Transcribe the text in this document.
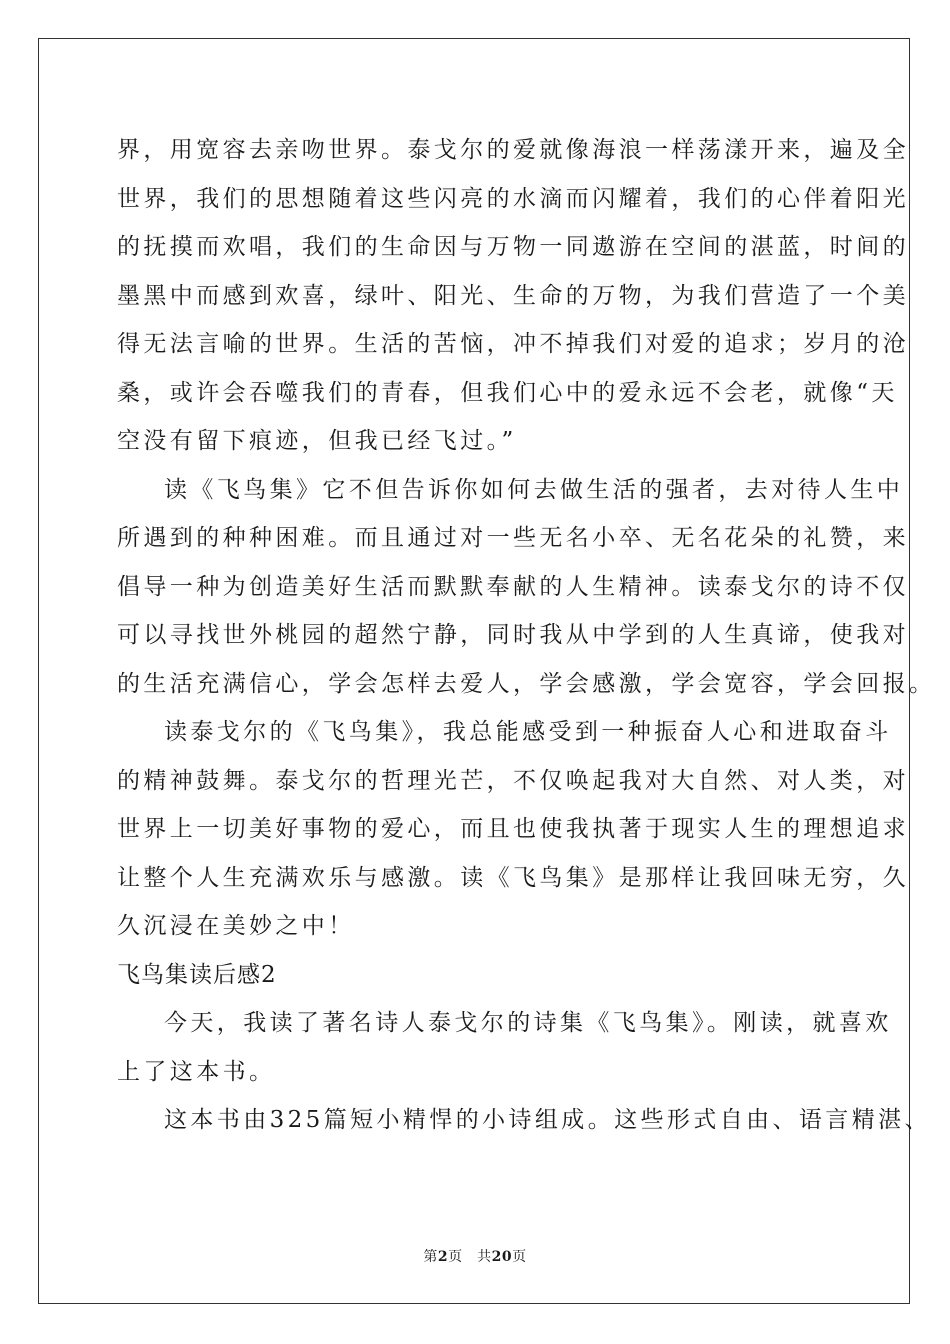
界，用宽容去亲吻世界。泰戈尔的爱就像海浪一样荡漾开来，遍及全
世界，我们的思想随着这些闪亮的水滴而闪耀着，我们的心伴着阳光
的抚摸而欢唱，我们的生命因与万物一同遨游在空间的湛蓝，时间的
墨黑中而感到欢喜，绿叶、阳光、生命的万物，为我们营造了一个美
得无法言喻的世界。生活的苦恼，冲不掉我们对爱的追求；岁月的沧
桑，或许会吞噬我们的青春，但我们心中的爱永远不会老，就像“天
空没有留下痕迹，但我已经飞过。”
读《飞鸟集》它不但告诉你如何去做生活的强者，去对待人生中
所遇到的种种困难。而且通过对一些无名小卒、无名花朵的礼赞，来
倡导一种为创造美好生活而默默奉献的人生精神。读泰戈尔的诗不仅
可以寻找世外桃园的超然宁静，同时我从中学到的人生真谛，使我对
的生活充满信心，学会怎样去爱人，学会感激，学会宽容，学会回报。
读泰戈尔的《飞鸟集》，我总能感受到一种振奋人心和进取奋斗
的精神鼓舞。泰戈尔的哲理光芒，不仅唤起我对大自然、对人类，对
世界上一切美好事物的爱心，而且也使我执著于现实人生的理想追求
让整个人生充满欢乐与感激。读《飞鸟集》是那样让我回味无穷，久
久沉浸在美妙之中！
飞鸟集读后感2
今天，我读了著名诗人泰戈尔的诗集《飞鸟集》。刚读，就喜欢
上了这本书。
这本书由325篇短小精悍的小诗组成。这些形式自由、语言精湛、
第2页　共20页
